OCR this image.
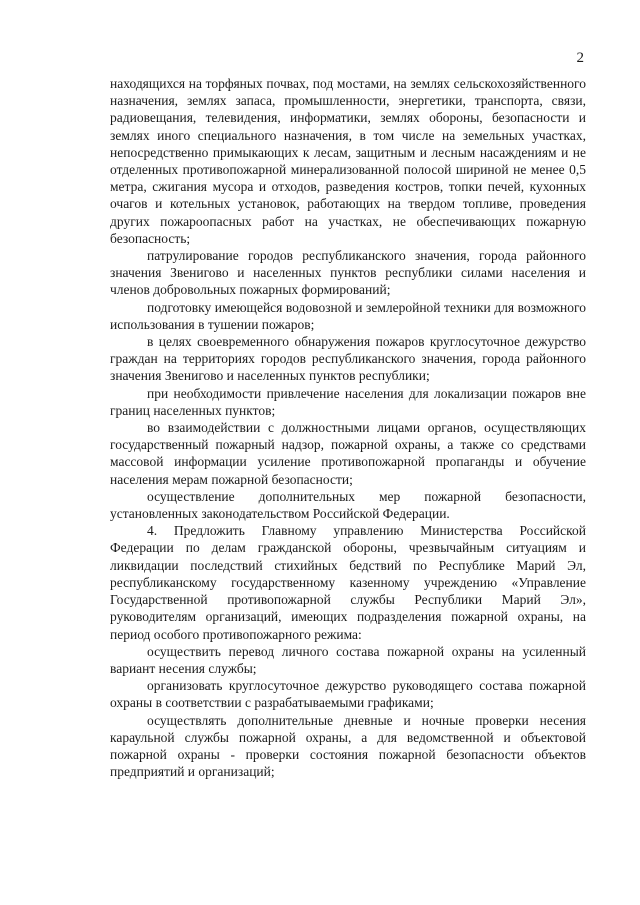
2

находящихся на торфяных почвах, под мостами, на землях сельскохозяйственного назначения, землях запаса, промышленности, энергетики, транспорта, связи, радиовещания, телевидения, информатики, землях обороны, безопасности и землях иного специального назначения, в том числе на земельных участках, непосредственно примыкающих к лесам, защитным и лесным насаждениям и не отделенных противопожарной минерализованной полосой шириной не менее 0,5 метра, сжигания мусора и отходов, разведения костров, топки печей, кухонных очагов и котельных установок, работающих на твердом топливе, проведения других пожароопасных работ на участках, не обеспечивающих пожарную безопасность;

патрулирование городов республиканского значения, города районного значения Звенигово и населенных пунктов республики силами населения и членов добровольных пожарных формирований;

подготовку имеющейся водовозной и землеройной техники для возможного использования в тушении пожаров;

в целях своевременного обнаружения пожаров круглосуточное дежурство граждан на территориях городов республиканского значения, города районного значения Звенигово и населенных пунктов республики;

при необходимости привлечение населения для локализации пожаров вне границ населенных пунктов;

во взаимодействии с должностными лицами органов, осуществляющих государственный пожарный надзор, пожарной охраны, а также со средствами массовой информации усиление противопожарной пропаганды и обучение населения мерам пожарной безопасности;

осуществление дополнительных мер пожарной безопасности, установленных законодательством Российской Федерации.

4. Предложить Главному управлению Министерства Российской Федерации по делам гражданской обороны, чрезвычайным ситуациям и ликвидации последствий стихийных бедствий по Республике Марий Эл, республиканскому государственному казенному учреждению «Управление Государственной противопожарной службы Республики Марий Эл», руководителям организаций, имеющих подразделения пожарной охраны, на период особого противопожарного режима:

осуществить перевод личного состава пожарной охраны на усиленный вариант несения службы;

организовать круглосуточное дежурство руководящего состава пожарной охраны в соответствии с разрабатываемыми графиками;

осуществлять дополнительные дневные и ночные проверки несения караульной службы пожарной охраны, а для ведомственной и объектовой пожарной охраны - проверки состояния пожарной безопасности объектов предприятий и организаций;
